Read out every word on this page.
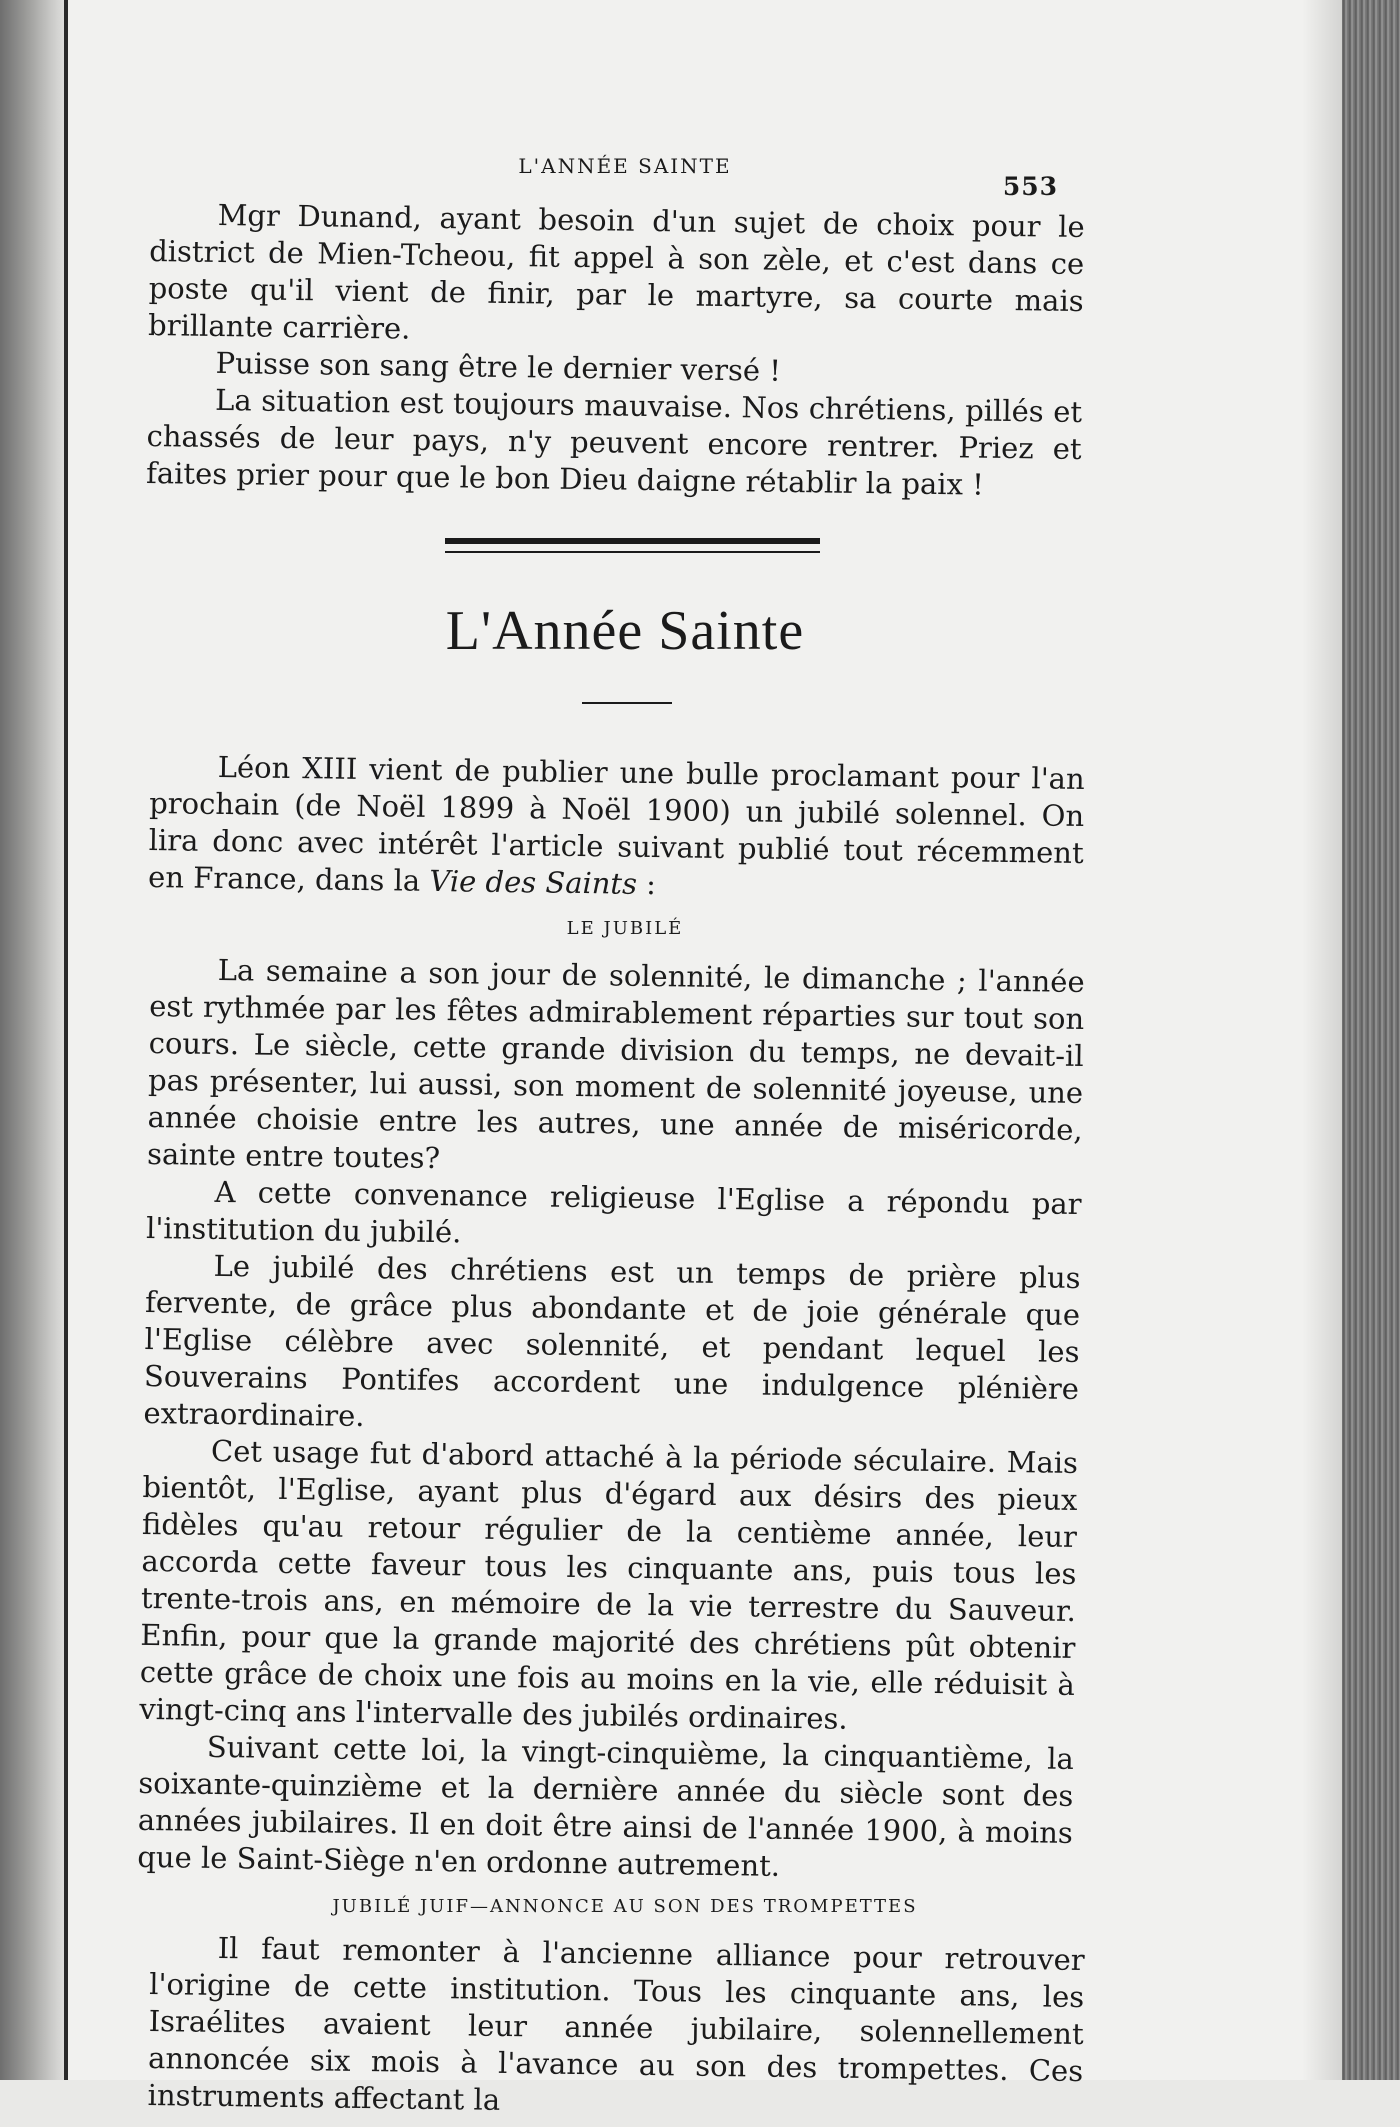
L'ANNÉE SAINTE
553

Mgr Dunand, ayant besoin d'un sujet de choix pour le district de Mien-Tcheou, fit appel à son zèle, et c'est dans ce poste qu'il vient de finir, par le martyre, sa courte mais brillante carrière.

Puisse son sang être le dernier versé !

La situation est toujours mauvaise. Nos chrétiens, pillés et chassés de leur pays, n'y peuvent encore rentrer. Priez et faites prier pour que le bon Dieu daigne rétablir la paix !

L'Année Sainte

Léon XIII vient de publier une bulle proclamant pour l'an prochain (de Noël 1899 à Noël 1900) un jubilé solennel. On lira donc avec intérêt l'article suivant publié tout récemment en France, dans la Vie des Saints :

LE JUBILÉ

La semaine a son jour de solennité, le dimanche ; l'année est rythmée par les fêtes admirablement réparties sur tout son cours. Le siècle, cette grande division du temps, ne devait-il pas présenter, lui aussi, son moment de solennité joyeuse, une année choisie entre les autres, une année de miséricorde, sainte entre toutes?

A cette convenance religieuse l'Eglise a répondu par l'institution du jubilé.

Le jubilé des chrétiens est un temps de prière plus fervente, de grâce plus abondante et de joie générale que l'Eglise célèbre avec solennité, et pendant lequel les Souverains Pontifes accordent une indulgence plénière extraordinaire.

Cet usage fut d'abord attaché à la période séculaire. Mais bientôt, l'Eglise, ayant plus d'égard aux désirs des pieux fidèles qu'au retour régulier de la centième année, leur accorda cette faveur tous les cinquante ans, puis tous les trente-trois ans, en mémoire de la vie terrestre du Sauveur. Enfin, pour que la grande majorité des chrétiens pût obtenir cette grâce de choix une fois au moins en la vie, elle réduisit à vingt-cinq ans l'intervalle des jubilés ordinaires.

Suivant cette loi, la vingt-cinquième, la cinquantième, la soixante-quinzième et la dernière année du siècle sont des années jubilaires. Il en doit être ainsi de l'année 1900, à moins que le Saint-Siège n'en ordonne autrement.

JUBILÉ JUIF—ANNONCE AU SON DES TROMPETTES

Il faut remonter à l'ancienne alliance pour retrouver l'origine de cette institution. Tous les cinquante ans, les Israélites avaient leur année jubilaire, solennellement annoncée six mois à l'avance au son des trompettes. Ces instruments affectant la
